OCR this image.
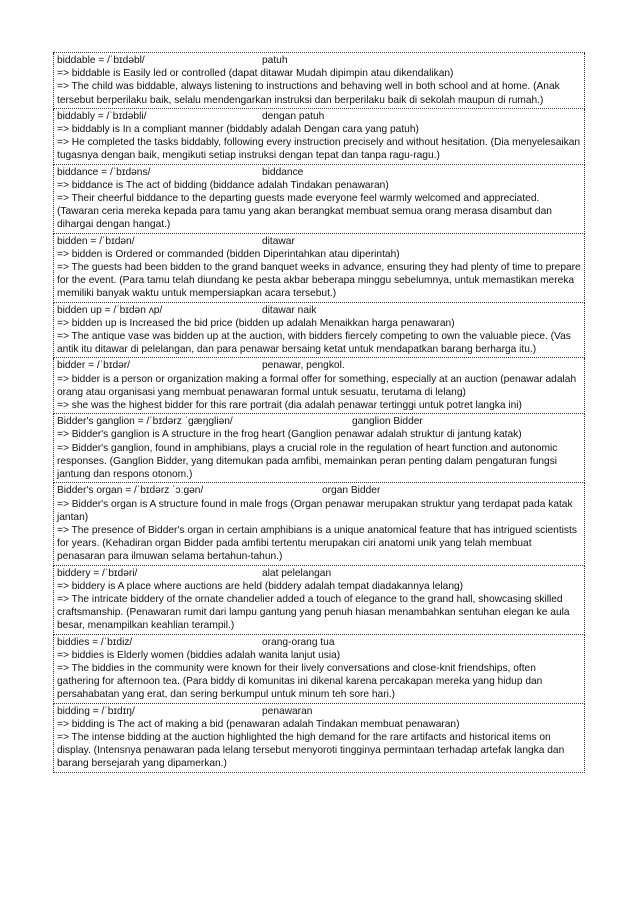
biddable = /ˈbɪdəbl/	patuh
=> biddable is Easily led or controlled (dapat ditawar Mudah dipimpin atau dikendalikan)
=> The child was biddable, always listening to instructions and behaving well in both school and at home. (Anak tersebut berperilaku baik, selalu mendengarkan instruksi dan berperilaku baik di sekolah maupun di rumah.)
biddably = /ˈbɪdəbli/	dengan patuh
=> biddably is In a compliant manner (biddably adalah Dengan cara yang patuh)
=> He completed the tasks biddably, following every instruction precisely and without hesitation. (Dia menyelesaikan tugasnya dengan baik, mengikuti setiap instruksi dengan tepat dan tanpa ragu-ragu.)
biddance = /ˈbɪdəns/	biddance
=> biddance is The act of bidding (biddance adalah Tindakan penawaran)
=> Their cheerful biddance to the departing guests made everyone feel warmly welcomed and appreciated. (Tawaran ceria mereka kepada para tamu yang akan berangkat membuat semua orang merasa disambut dan dihargai dengan hangat.)
bidden = /ˈbɪdən/	ditawar
=> bidden is Ordered or commanded (bidden Diperintahkan atau diperintah)
=> The guests had been bidden to the grand banquet weeks in advance, ensuring they had plenty of time to prepare for the event. (Para tamu telah diundang ke pesta akbar beberapa minggu sebelumnya, untuk memastikan mereka memiliki banyak waktu untuk mempersiapkan acara tersebut.)
bidden up = /ˈbɪdən ʌp/	ditawar naik
=> bidden up is Increased the bid price (bidden up adalah Menaikkan harga penawaran)
=> The antique vase was bidden up at the auction, with bidders fiercely competing to own the valuable piece. (Vas antik itu ditawar di pelelangan, dan para penawar bersaing ketat untuk mendapatkan barang berharga itu.)
bidder = /ˈbɪdər/	penawar, pengkol.
=> bidder is a person or organization making a formal offer for something, especially at an auction (penawar adalah orang atau organisasi yang membuat penawaran formal untuk sesuatu, terutama di lelang)
=> she was the highest bidder for this rare portrait (dia adalah penawar tertinggi untuk potret langka ini)
Bidder's ganglion = /ˈbɪdərz ˈɡæŋɡliən/	ganglion Bidder
=> Bidder's ganglion is A structure in the frog heart (Ganglion penawar adalah struktur di jantung katak)
=> Bidder's ganglion, found in amphibians, plays a crucial role in the regulation of heart function and autonomic responses. (Ganglion Bidder, yang ditemukan pada amfibi, memainkan peran penting dalam pengaturan fungsi jantung dan respons otonom.)
Bidder's organ = /ˈbɪdərz ˈɔːɡən/	organ Bidder
=> Bidder's organ is A structure found in male frogs (Organ penawar merupakan struktur yang terdapat pada katak jantan)
=> The presence of Bidder's organ in certain amphibians is a unique anatomical feature that has intrigued scientists for years. (Kehadiran organ Bidder pada amfibi tertentu merupakan ciri anatomi unik yang telah membuat penasaran para ilmuwan selama bertahun-tahun.)
biddery = /ˈbɪdəri/	alat pelelangan
=> biddery is A place where auctions are held (biddery adalah tempat diadakannya lelang)
=> The intricate biddery of the ornate chandelier added a touch of elegance to the grand hall, showcasing skilled craftsmanship. (Penawaran rumit dari lampu gantung yang penuh hiasan menambahkan sentuhan elegan ke aula besar, menampilkan keahlian terampil.)
biddies = /ˈbɪdiz/	orang-orang tua
=> biddies is Elderly women (biddies adalah wanita lanjut usia)
=> The biddies in the community were known for their lively conversations and close-knit friendships, often gathering for afternoon tea. (Para biddy di komunitas ini dikenal karena percakapan mereka yang hidup dan persahabatan yang erat, dan sering berkumpul untuk minum teh sore hari.)
bidding = /ˈbɪdɪŋ/	penawaran
=> bidding is The act of making a bid (penawaran adalah Tindakan membuat penawaran)
=> The intense bidding at the auction highlighted the high demand for the rare artifacts and historical items on display. (Intensnya penawaran pada lelang tersebut menyoroti tingginya permintaan terhadap artefak langka dan barang bersejarah yang dipamerkan.)
